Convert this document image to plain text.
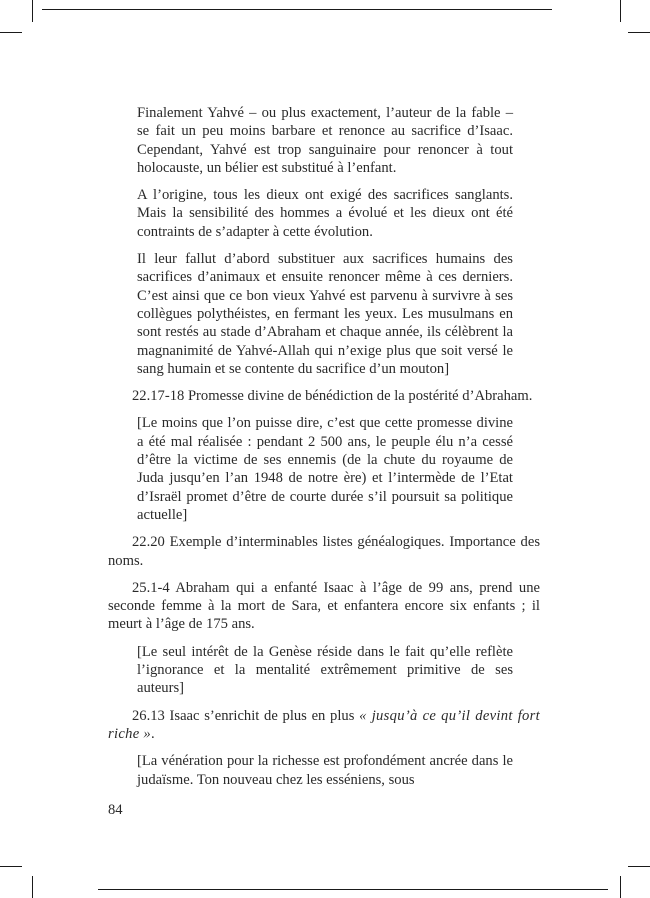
Finalement Yahvé – ou plus exactement, l’auteur de la fable – se fait un peu moins barbare et renonce au sacrifice d’Isaac. Cependant, Yahvé est trop sanguinaire pour renoncer à tout holocauste, un bélier est substitué à l’enfant.

A l’origine, tous les dieux ont exigé des sacrifices sanglants. Mais la sensibilité des hommes a évolué et les dieux ont été contraints de s’adapter à cette évolution.

Il leur fallut d’abord substituer aux sacrifices humains des sacrifices d’animaux et ensuite renoncer même à ces derniers. C’est ainsi que ce bon vieux Yahvé est parvenu à survivre à ses collègues polythéistes, en fermant les yeux. Les musulmans en sont restés au stade d’Abraham et chaque année, ils célèbrent la magnanimité de Yahvé-Allah qui n’exige plus que soit versé le sang humain et se contente du sacrifice d’un mouton]

22.17-18 Promesse divine de bénédiction de la postérité d’Abraham.

[Le moins que l’on puisse dire, c’est que cette promesse divine a été mal réalisée : pendant 2 500 ans, le peuple élu n’a cessé d’être la victime de ses ennemis (de la chute du royaume de Juda jusqu’en l’an 1948 de notre ère) et l’intermède de l’Etat d’Israël promet d’être de courte durée s’il poursuit sa politique actuelle]

22.20 Exemple d’interminables listes généalogiques. Importance des noms.

25.1-4 Abraham qui a enfanté Isaac à l’âge de 99 ans, prend une seconde femme à la mort de Sara, et enfantera encore six enfants ; il meurt à l’âge de 175 ans.

[Le seul intérêt de la Genèse réside dans le fait qu’elle reflète l’ignorance et la mentalité extrêmement primitive de ses auteurs]

26.13 Isaac s’enrichit de plus en plus « jusqu’à ce qu’il devint fort riche ».

[La vénération pour la richesse est profondément ancrée dans le judaïsme. Ton nouveau chez les esséniens, sous

84
